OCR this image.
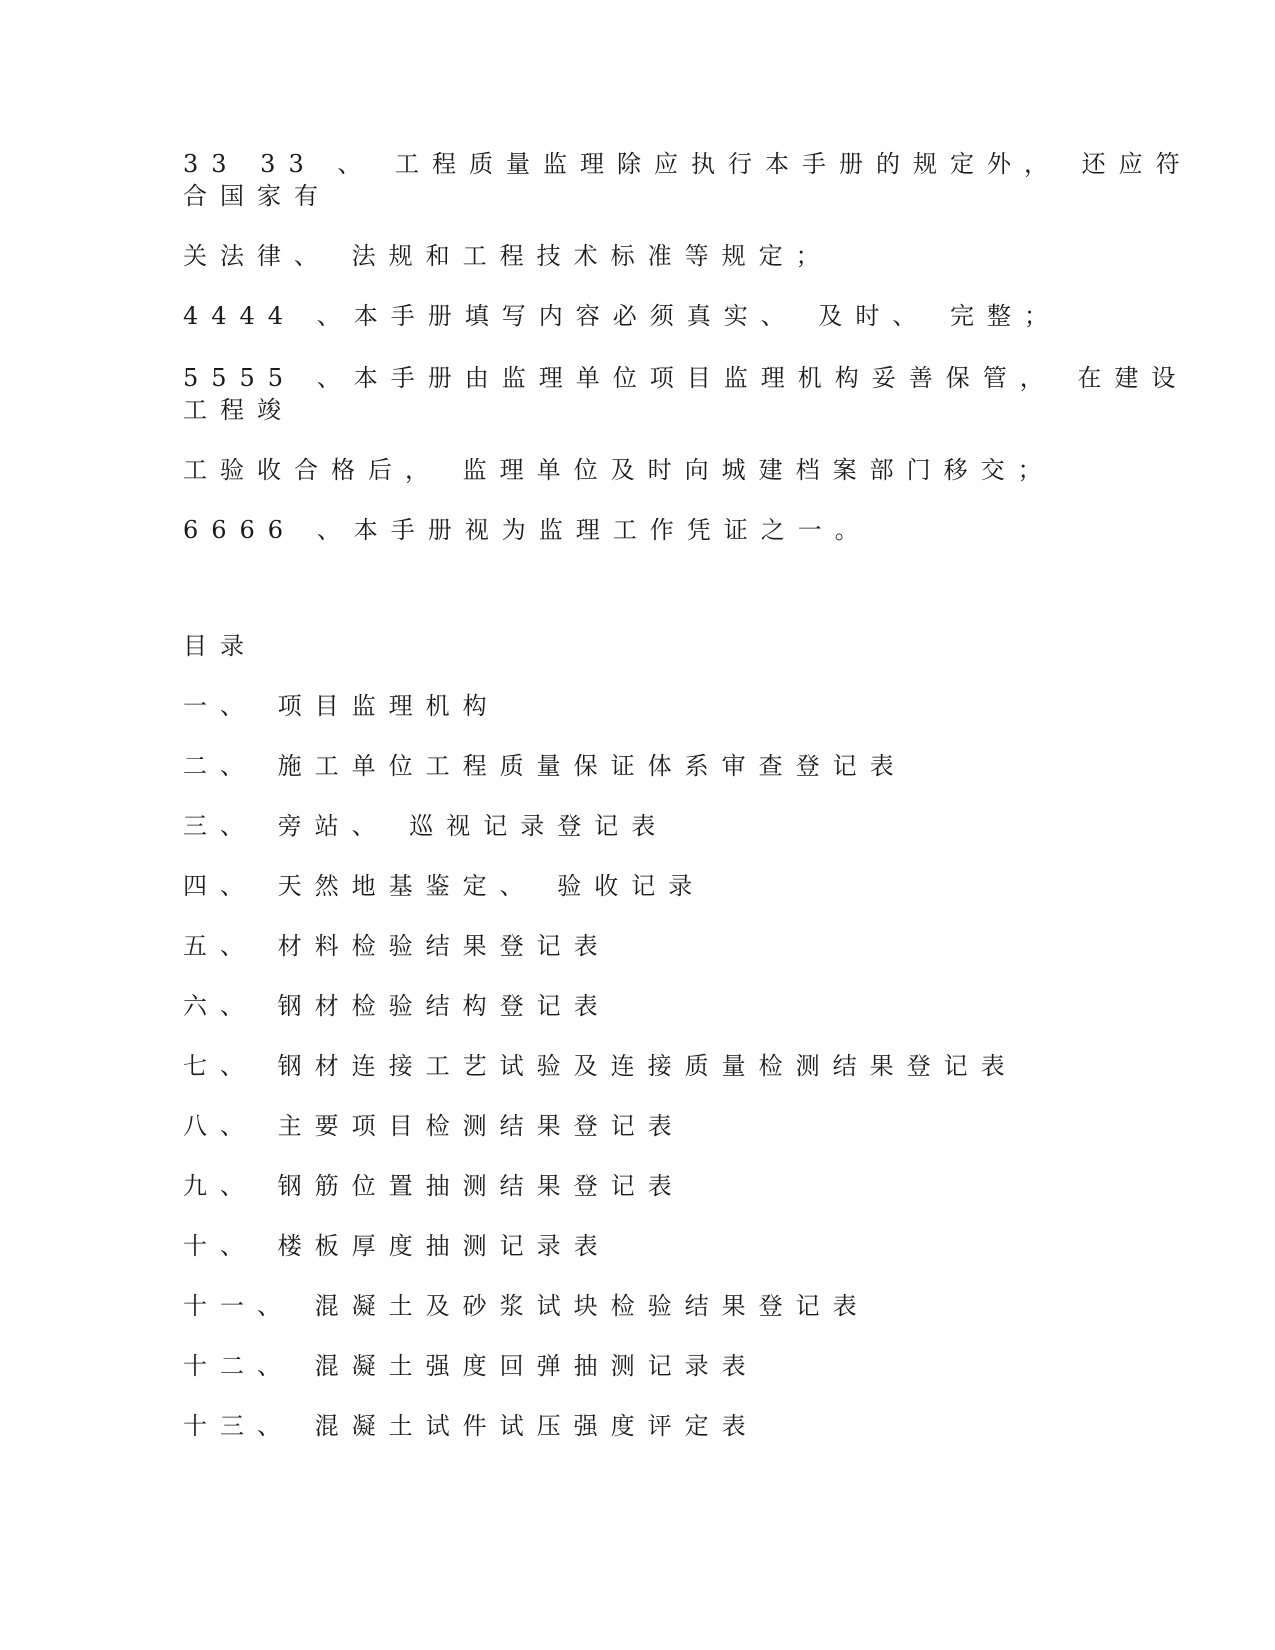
33 33 、 工程质量监理除应执行本手册的规定外， 还应符
合国家有
关法律、 法规和工程技术标准等规定；
4444 、本手册填写内容必须真实、 及时、 完整；
5555 、本手册由监理单位项目监理机构妥善保管， 在建设
工程竣
工验收合格后， 监理单位及时向城建档案部门移交；
6666 、本手册视为监理工作凭证之一。
目录
一、 项目监理机构
二、 施工单位工程质量保证体系审查登记表
三、 旁站、 巡视记录登记表
四、 天然地基鉴定、 验收记录
五、 材料检验结果登记表
六、 钢材检验结构登记表
七、 钢材连接工艺试验及连接质量检测结果登记表
八、 主要项目检测结果登记表
九、 钢筋位置抽测结果登记表
十、 楼板厚度抽测记录表
十一、 混凝土及砂浆试块检验结果登记表
十二、 混凝土强度回弹抽测记录表
十三、 混凝土试件试压强度评定表
